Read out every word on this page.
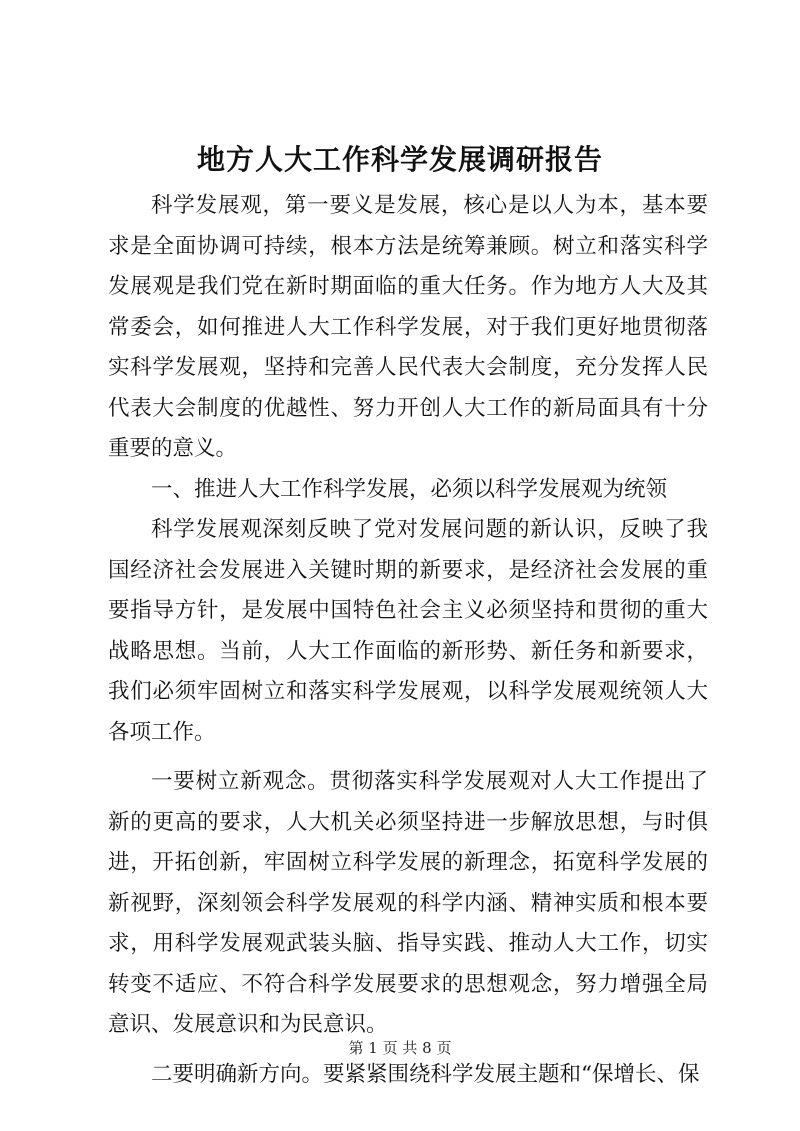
地方人大工作科学发展调研报告

科学发展观，第一要义是发展，核心是以人为本，基本要求是全面协调可持续，根本方法是统筹兼顾。树立和落实科学发展观是我们党在新时期面临的重大任务。作为地方人大及其常委会，如何推进人大工作科学发展，对于我们更好地贯彻落实科学发展观，坚持和完善人民代表大会制度，充分发挥人民代表大会制度的优越性、努力开创人大工作的新局面具有十分重要的意义。

一、推进人大工作科学发展，必须以科学发展观为统领

科学发展观深刻反映了党对发展问题的新认识，反映了我国经济社会发展进入关键时期的新要求，是经济社会发展的重要指导方针，是发展中国特色社会主义必须坚持和贯彻的重大战略思想。当前，人大工作面临的新形势、新任务和新要求，我们必须牢固树立和落实科学发展观，以科学发展观统领人大各项工作。

一要树立新观念。贯彻落实科学发展观对人大工作提出了新的更高的要求，人大机关必须坚持进一步解放思想，与时俱进，开拓创新，牢固树立科学发展的新理念，拓宽科学发展的新视野，深刻领会科学发展观的科学内涵、精神实质和根本要求，用科学发展观武装头脑、指导实践、推动人大工作，切实转变不适应、不符合科学发展要求的思想观念，努力增强全局意识、发展意识和为民意识。

二要明确新方向。要紧紧围绕科学发展主题和“保增长、保

第 1 页 共 8 页
